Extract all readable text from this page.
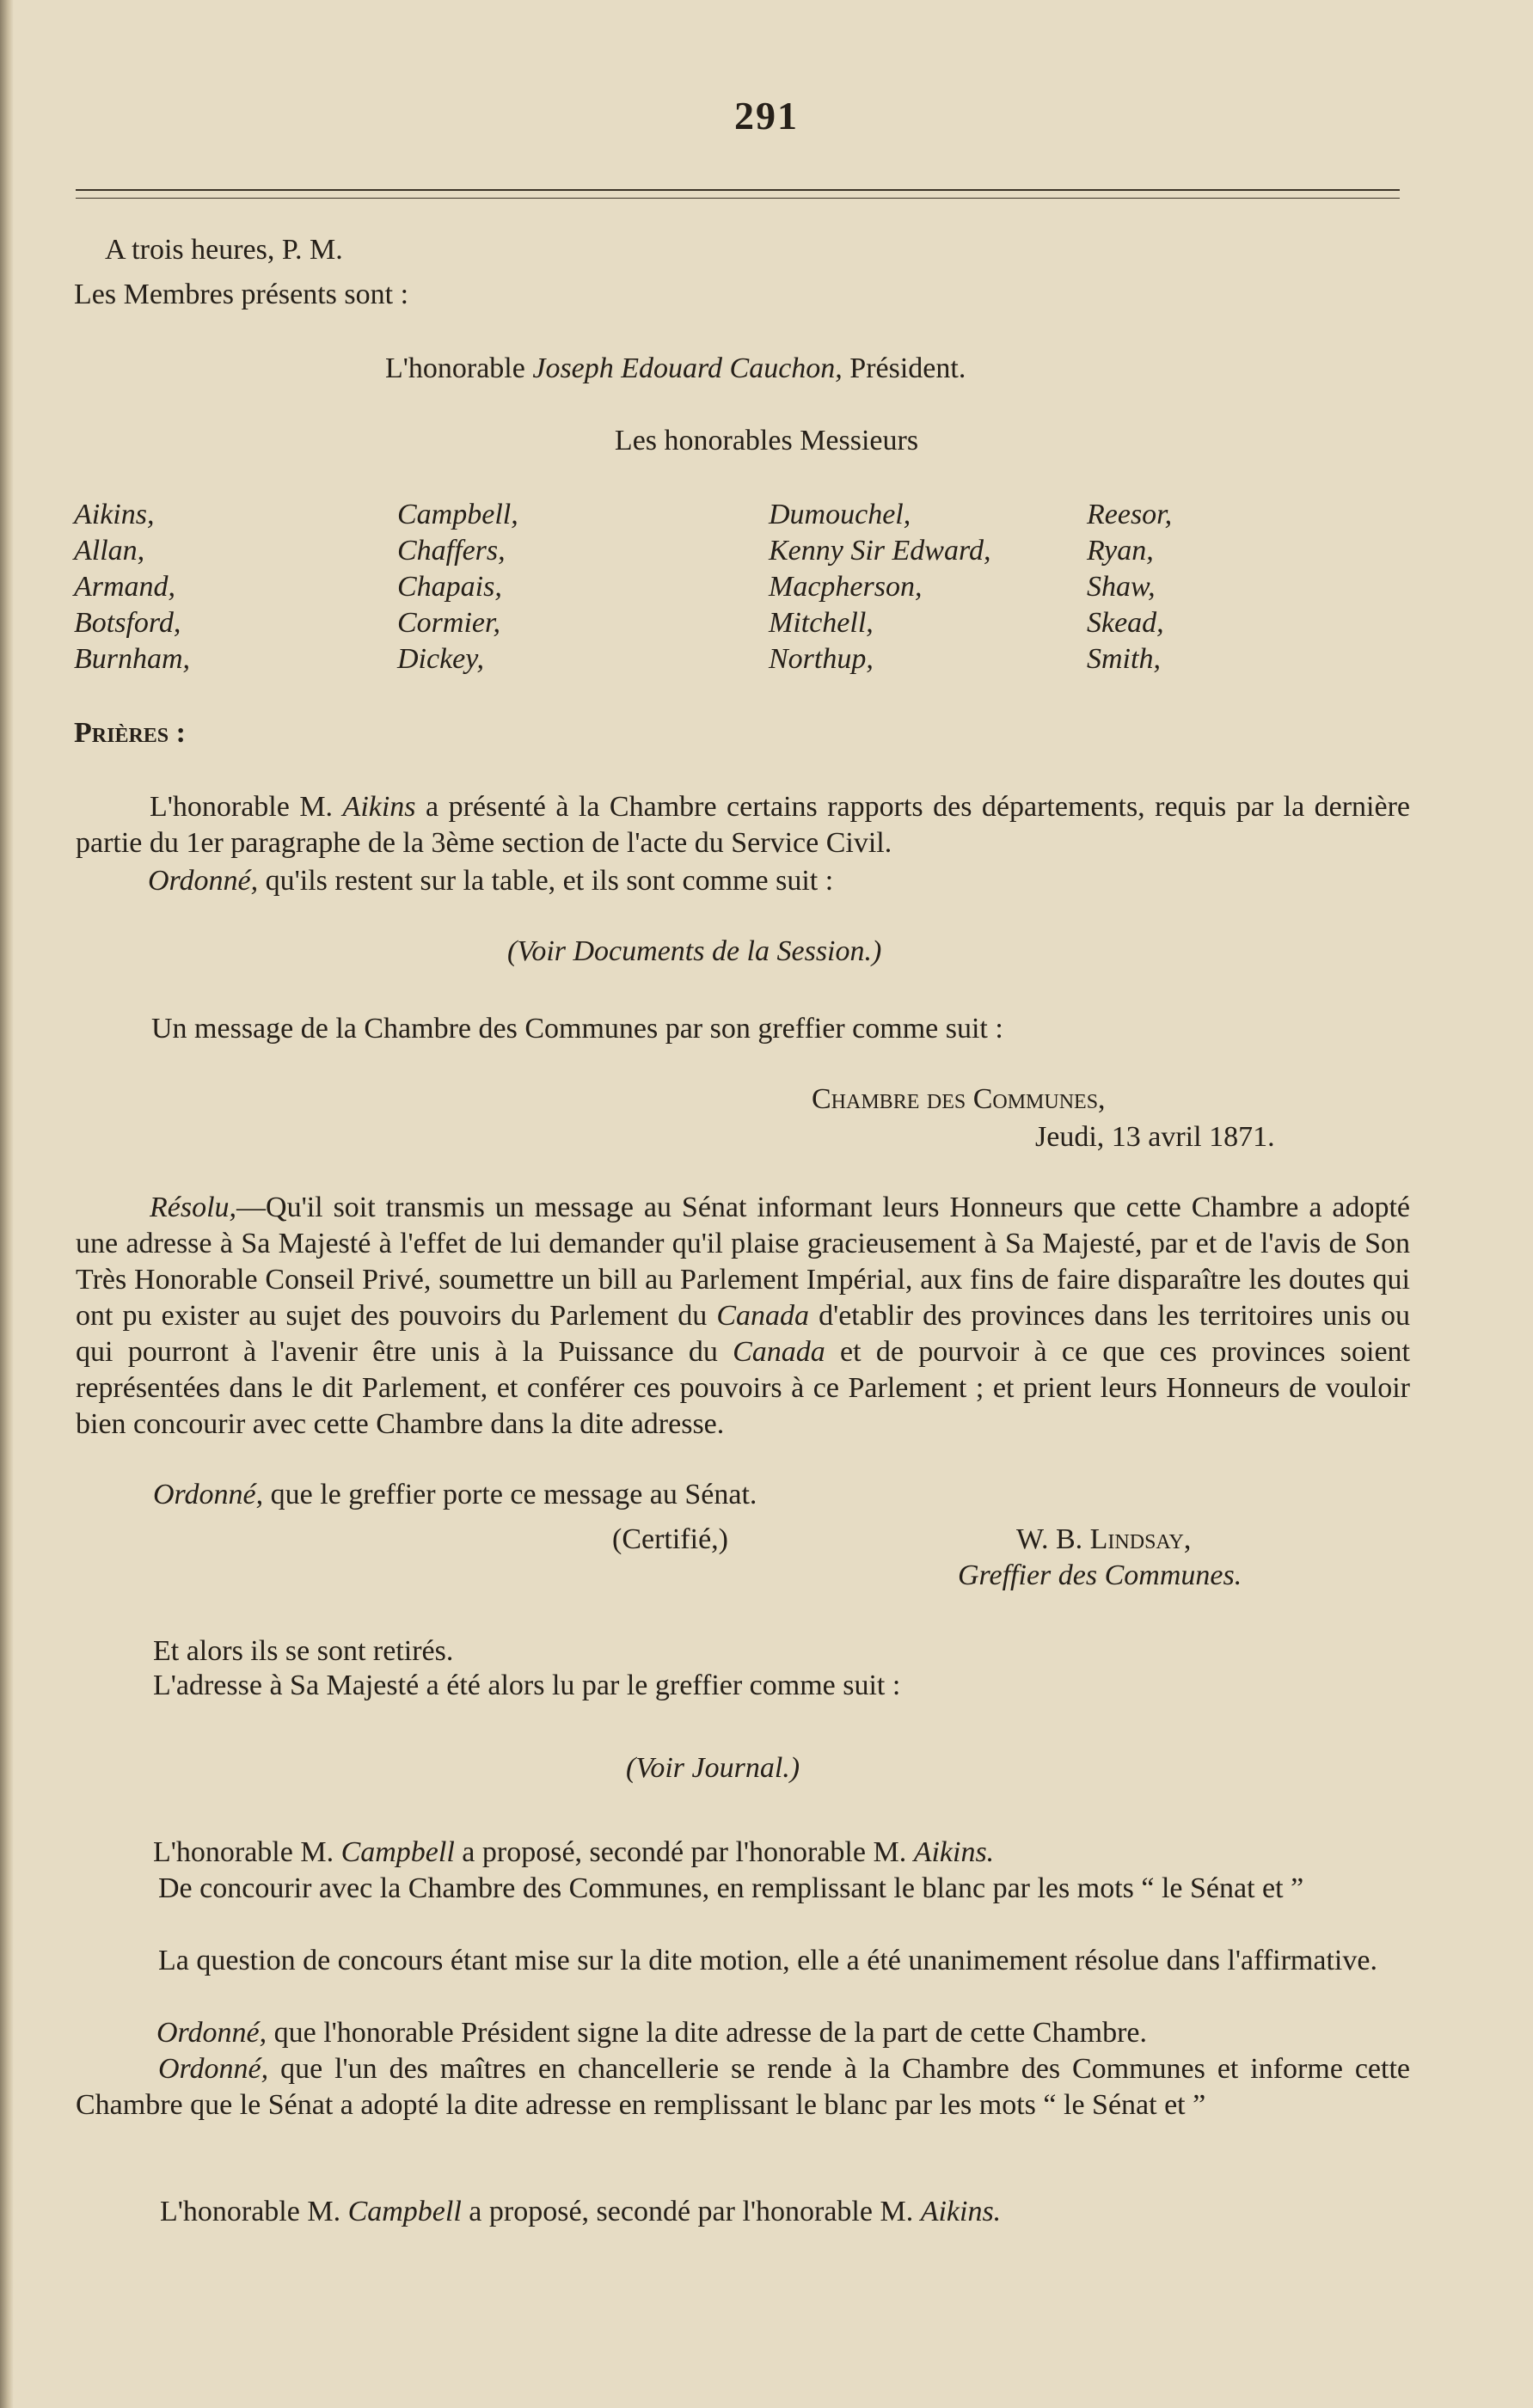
291
A trois heures, P. M.
Les Membres présents sont :
L'honorable Joseph Edouard Cauchon, Président.
Les honorables Messieurs
Aikins,
Allan,
Armand,
Botsford,
Burnham,
Campbell,
Chaffers,
Chapais,
Cormier,
Dickey,
Dumouchel,
Kenny Sir Edward,
Macpherson,
Mitchell,
Northup,
Reesor,
Ryan,
Shaw,
Skead,
Smith,
Prières :
L'honorable M. Aikins a présenté à la Chambre certains rapports des départements, requis par la dernière partie du 1er paragraphe de la 3ème section de l'acte du Service Civil.
Ordonné, qu'ils restent sur la table, et ils sont comme suit :
(Voir Documents de la Session.)
Un message de la Chambre des Communes par son greffier comme suit :
Chambre des Communes,
Jeudi, 13 avril 1871.
Résolu,—Qu'il soit transmis un message au Sénat informant leurs Honneurs que cette Chambre a adopté une adresse à Sa Majesté à l'effet de lui demander qu'il plaise gracieusement à Sa Majesté, par et de l'avis de Son Très Honorable Conseil Privé, soumettre un bill au Parlement Impérial, aux fins de faire disparaître les doutes qui ont pu exister au sujet des pouvoirs du Parlement du Canada d'etablir des provinces dans les territoires unis ou qui pourront à l'avenir être unis à la Puissance du Canada et de pourvoir à ce que ces provinces soient représentées dans le dit Parlement, et conférer ces pouvoirs à ce Parlement ; et prient leurs Honneurs de vouloir bien concourir avec cette Chambre dans la dite adresse.
Ordonné, que le greffier porte ce message au Sénat.
(Certifié,)	W. B. Lindsay,
Greffier des Communes.
Et alors ils se sont retirés.
L'adresse à Sa Majesté a été alors lu par le greffier comme suit :
(Voir Journal.)
L'honorable M. Campbell a proposé, secondé par l'honorable M. Aikins.
De concourir avec la Chambre des Communes, en remplissant le blanc par les mots “ le Sénat et ”
La question de concours étant mise sur la dite motion, elle a été unanimement résolue dans l'affirmative.
Ordonné, que l'honorable Président signe la dite adresse de la part de cette Chambre.
Ordonné, que l'un des maîtres en chancellerie se rende à la Chambre des Communes et informe cette Chambre que le Sénat a adopté la dite adresse en remplissant le blanc par les mots “ le Sénat et ”
L'honorable M. Campbell a proposé, secondé par l'honorable M. Aikins.
